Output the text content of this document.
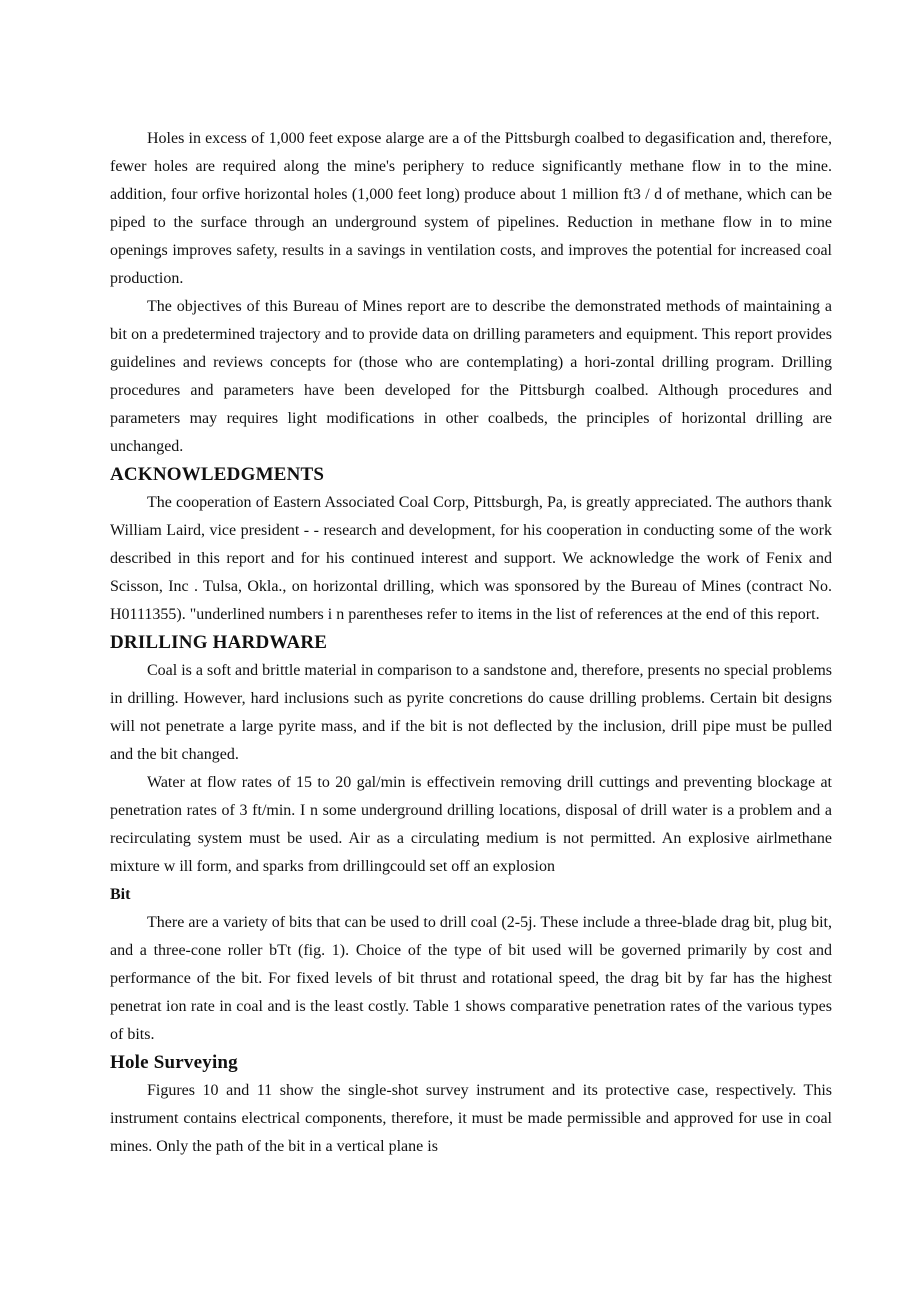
Holes in excess of 1,000 feet expose alarge are a of the Pittsburgh coalbed to degasification and, therefore, fewer holes are required along the mine's periphery to reduce significantly methane flow in to the mine. addition, four orfive horizontal holes (1,000 feet long) produce about 1 million ft3 / d of methane, which can be piped to the surface through an underground system of pipelines. Reduction in methane flow in to mine openings improves safety, results in a savings in ventilation costs, and improves the potential for increased coal production.

The objectives of this Bureau of Mines report are to describe the demonstrated methods of maintaining a bit on a predetermined trajectory and to provide data on drilling parameters and equipment. This report provides guidelines and reviews concepts for (those who are contemplating) a hori-zontal drilling program. Drilling procedures and parameters have been developed for the Pittsburgh coalbed. Although procedures and parameters may requires light modifications in other coalbeds, the principles of horizontal drilling are unchanged.

ACKNOWLEDGMENTS

The cooperation of Eastern Associated Coal Corp, Pittsburgh, Pa, is greatly appreciated. The authors thank William Laird, vice president - - research and development, for his cooperation in conducting some of the work described in this report and for his continued interest and support. We acknowledge the work of Fenix and Scisson, Inc . Tulsa, Okla., on horizontal drilling, which was sponsored by the Bureau of Mines (contract No. H0111355). "underlined numbers i n parentheses refer to items in the list of references at the end of this report.

DRILLING HARDWARE

Coal is a soft and brittle material in comparison to a sandstone and, therefore, presents no special problems in drilling. However, hard inclusions such as pyrite concretions do cause drilling problems. Certain bit designs will not penetrate a large pyrite mass, and if the bit is not deflected by the inclusion, drill pipe must be pulled and the bit changed.

Water at flow rates of 15 to 20 gal/min is effectivein removing drill cuttings and preventing blockage at penetration rates of 3 ft/min. I n some underground drilling locations, disposal of drill water is a problem and a recirculating system must be used. Air as a circulating medium is not permitted. An explosive airlmethane mixture w ill form, and sparks from drillingcould set off an explosion

Bit

There are a variety of bits that can be used to drill coal (2-5j. These include a three-blade drag bit, plug bit, and a three-cone roller bTt (fig. 1). Choice of the type of bit used will be governed primarily by cost and performance of the bit. For fixed levels of bit thrust and rotational speed, the drag bit by far has the highest penetrat ion rate in coal and is the least costly. Table 1 shows comparative penetration rates of the various types of bits.

Hole Surveying

Figures 10 and 11 show the single-shot survey instrument and its protective case, respectively. This instrument contains electrical components, therefore, it must be made permissible and approved for use in coal mines. Only the path of the bit in a vertical plane is
